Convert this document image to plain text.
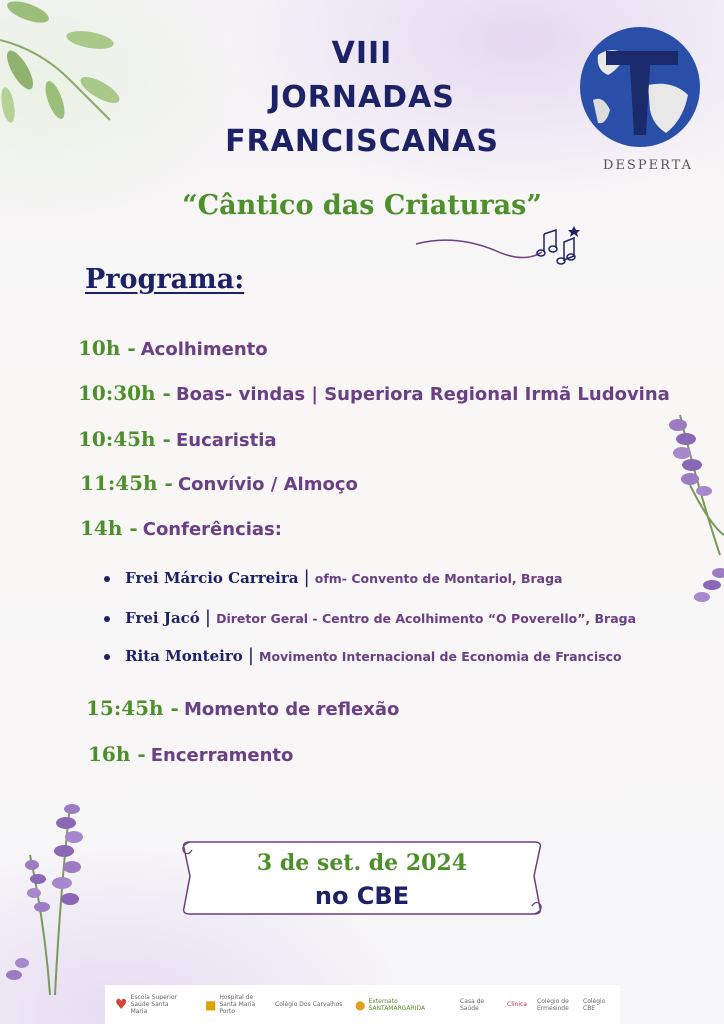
VIII
JORNADAS
FRANCISCANAS
DESPERTA
“Cântico das Criaturas”
Programa:
10h - Acolhimento
10:30h - Boas- vindas | Superiora Regional Irmã Ludovina
10:45h - Eucaristia
11:45h - Convívio / Almoço
14h - Conferências:
Frei Márcio Carreira | ofm- Convento de Montariol, Braga
Frei Jacó | Diretor Geral - Centro de Acolhimento “O Poverello”, Braga
Rita Monteiro | Movimento Internacional de Economia de Francisco
15:45h - Momento de reflexão
16h - Encerramento
3 de set. de 2024
no CBE
♥ Escola Superior Saúde Santa Maria	■ Hospital de Santa Maria Porto
Colégio Dos Carvalhos ● Externato SANTAMARGARIDA
Casa de Saúde	Clínica Colégio de Ermesinde
Colégio CBE
